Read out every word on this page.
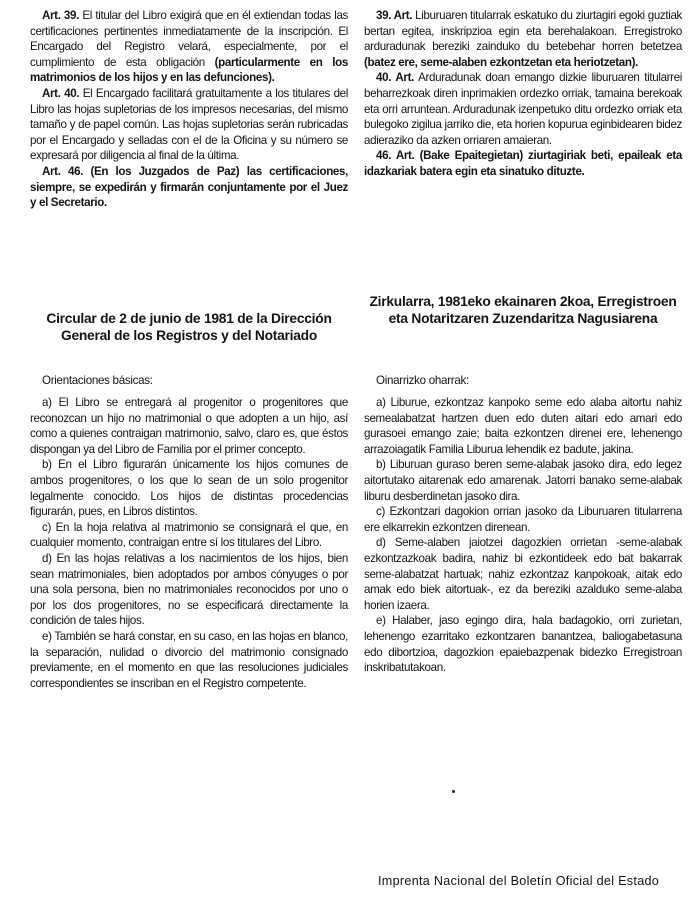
Art. 39. El titular del Libro exigirá que en él extiendan todas las certificaciones pertinentes inmediatamente de la inscripción. El Encargado del Registro velará, especialmente, por el cumplimiento de esta obligación (particularmente en los matrimonios de los hijos y en las defunciones).

Art. 40. El Encargado facilitará gratuitamente a los titulares del Libro las hojas supletorias de los impresos necesarias, del mismo tamaño y de papel común. Las hojas supletorias serán rubricadas por el Encargado y selladas con el de la Oficina y su número se expresará por diligencia al final de la última.

Art. 46. (En los Juzgados de Paz) las certificaciones, siempre, se expedirán y firmarán conjuntamente por el Juez y el Secretario.

39. Art. Liburuaren titularrak eskatuko du ziurtagiri egoki guztiak bertan egitea, inskripzioa egin eta berehalakoan. Erregistroko arduradunak bereziki zainduko du betebehar horren betetzea (batez ere, seme-alaben ezkontzetan eta heriotzetan).

40. Art. Arduradunak doan emango dizkie liburuaren titularrei beharrezkoak diren inprimakien ordezko orriak, tamaina berekoak eta orri arruntean. Arduradunak izenpetuko ditu ordezko orriak eta bulegoko zigilua jarriko die, eta horien kopurua eginbidearen bidez adieraziko da azken orriaren amaieran.

46. Art. (Bake Epaitegietan) ziurtagiriak beti, epaileak eta idazkariak batera egin eta sinatuko dituzte.

Circular de 2 de junio de 1981 de la Dirección General de los Registros y del Notariado
Zirkularra, 1981eko ekainaren 2koa, Erregistroen eta Notaritzaren Zuzendaritza Nagusiarena
Orientaciones básicas:	Oinarrizko oharrak:

a) El Libro se entregará al progenitor o progenitores que reconozcan un hijo no matrimonial o que adopten a un hijo, así como a quienes contraigan matrimonio, salvo, claro es, que éstos dispongan ya del Libro de Familia por el primer concepto.

b) En el Libro figurarán únicamente los hijos comunes de ambos progenitores, o los que lo sean de un solo progenitor legalmente conocido. Los hijos de distintas procedencias figurarán, pues, en Libros distintos.

c) En la hoja relativa al matrimonio se consignará el que, en cualquier momento, contraigan entre sí los titulares del Libro.

d) En las hojas relativas a los nacimientos de los hijos, bien sean matrimoniales, bien adoptados por ambos cónyuges o por una sola persona, bien no matrimoniales reconocidos por uno o por los dos progenitores, no se especificará directamente la condición de tales hijos.

e) También se hará constar, en su caso, en las hojas en blanco, la separación, nulidad o divorcio del matrimonio consignado previamente, en el momento en que las resoluciones judiciales correspondientes se inscriban en el Registro competente.

a) Liburue, ezkontzaz kanpoko seme edo alaba aitortu nahiz semealabatzat hartzen duen edo duten aitari edo amari edo gurasoei emango zaie; baita ezkontzen direnei ere, lehenengo arrazoiagatik Familia Liburua lehendik ez badute, jakina.

b) Liburuan guraso beren seme-alabak jasoko dira, edo legez aitortutako aitarenak edo amarenak. Jatorri banako seme-alabak liburu desberdinetan jasoko dira.

c) Ezkontzari dagokion orrian jasoko da Liburuaren titularrena ere elkarrekin ezkontzen direnean.

d) Seme-alaben jaiotzei dagozkien orrietan -seme-alabak ezkontzazkoak badira, nahiz bi ezkontideek edo bat bakarrak seme-alabatzat hartuak; nahiz ezkontzaz kanpokoak, aitak edo amak edo biek aitortuak-, ez da bereziki azalduko seme-alaba horien izaera.

e) Halaber, jaso egingo dira, hala badagokio, orri zurietan, lehenengo ezarritako ezkontzaren banantzea, baliogabetasuna edo dibortzioa, dagozkion epaiebazpenak bidezko Erregistroan inskribatutakoan.

Imprenta Nacional del Boletín Oficial del Estado
